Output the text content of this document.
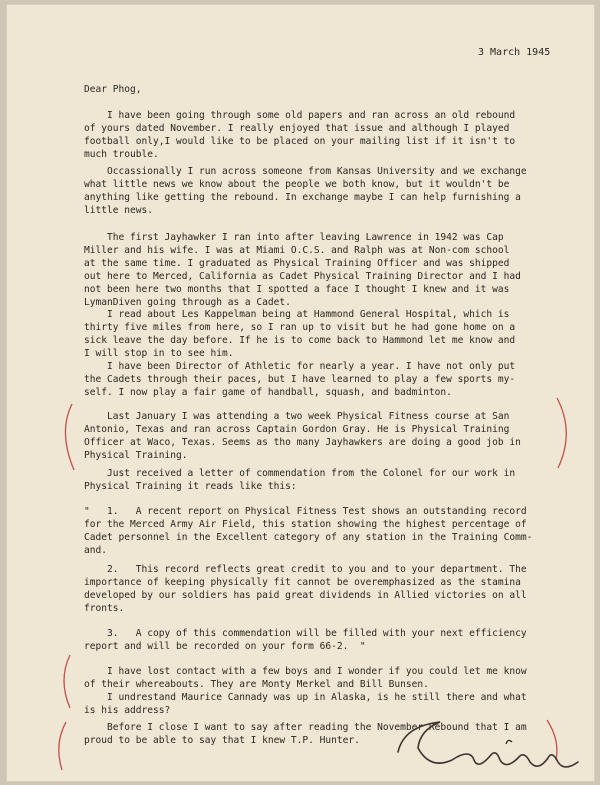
3 March 1945

Dear Phog,

I have been going through some old papers and ran across an old rebound
of yours dated November. I really enjoyed that issue and although I played
football only,I would like to be placed on your mailing list if it isn't to
much trouble.
Occassionally I run across someone from Kansas University and we exchange
what little news we know about the people we both know, but it wouldn't be
anything like getting the rebound. In exchange maybe I can help furnishing a
little news.
The first Jayhawker I ran into after leaving Lawrence in 1942 was Cap
Miller and his wife. I was at Miami O.C.S. and Ralph was at Non-com school
at the same time. I graduated as Physical Training Officer and was shipped
out here to Merced, California as Cadet Physical Training Director and I had
not been here two months that I spotted a face I thought I knew and it was
LymanDiven going through as a Cadet.
I read about Les Kappelman being at Hammond General Hospital, which is
thirty five miles from here, so I ran up to visit but he had gone home on a
sick leave the day before. If he is to come back to Hammond let me know and
I will stop in to see him.
I have been Director of Athletic for nearly a year. I have not only put
the Cadets through their paces, but I have learned to play a few sports my-
self. I now play a fair game of handball, squash, and badminton.
Last January I was attending a two week Physical Fitness course at San
Antonio, Texas and ran across Captain Gordon Gray. He is Physical Training
Officer at Waco, Texas. Seems as tho many Jayhawkers are doing a good job in
Physical Training.
Just received a letter of commendation from the Colonel for our work in
Physical Training it reads like this:
"   1.   A recent report on Physical Fitness Test shows an outstanding record
for the Merced Army Air Field, this station showing the highest percentage of
Cadet personnel in the Excellent category of any station in the Training Comm-
and.
2.   This record reflects great credit to you and to your department. The
importance of keeping physically fit cannot be overemphasized as the stamina
developed by our soldiers has paid great dividends in Allied victories on all
fronts.
3.   A copy of this commendation will be filled with your next efficiency
report and will be recorded on your form 66-2.  "
I have lost contact with a few boys and I wonder if you could let me know
of their whereabouts. They are Monty Merkel and Bill Bunsen.
I undrestand Maurice Cannady was up in Alaska, is he still there and what
is his address?
Before I close I want to say after reading the November Rebound that I am
proud to be able to say that I knew T.P. Hunter.
